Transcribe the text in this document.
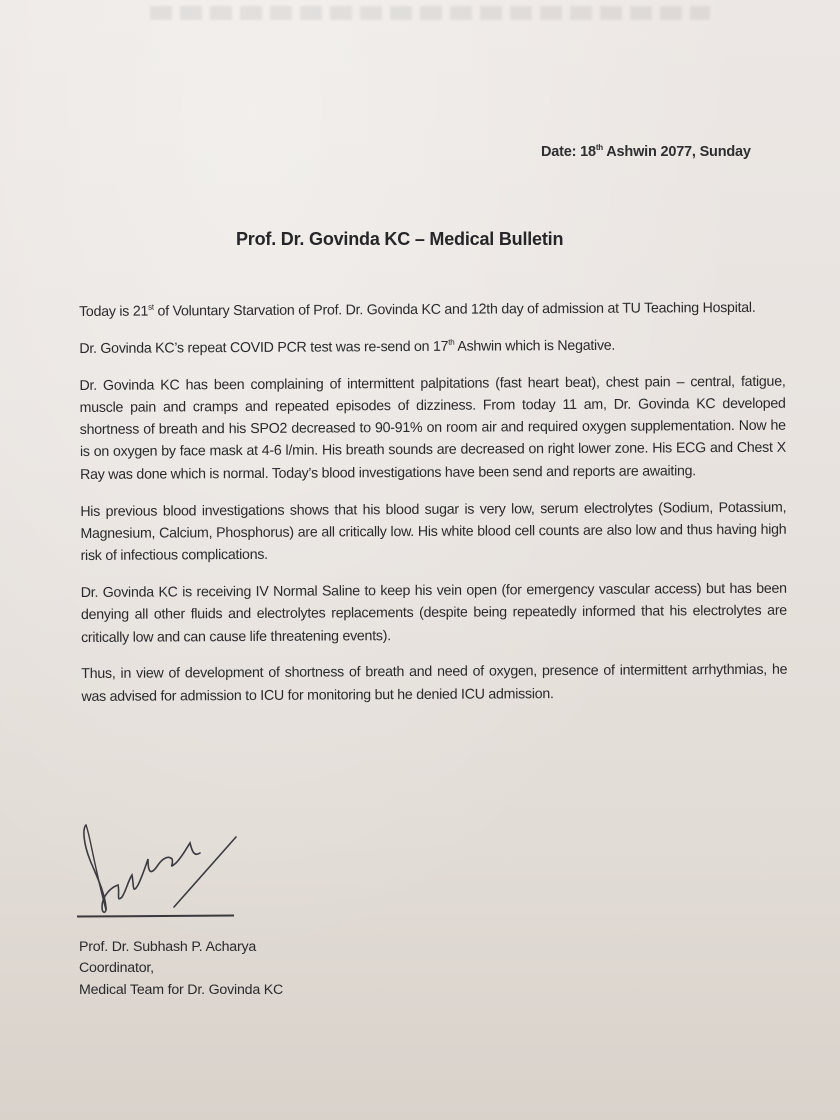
Date: 18th Ashwin 2077, Sunday
Prof. Dr. Govinda KC – Medical Bulletin

Today is 21st of Voluntary Starvation of Prof. Dr. Govinda KC and 12th day of admission at TU Teaching Hospital.

Dr. Govinda KC’s repeat COVID PCR test was re-send on 17th Ashwin which is Negative.

Dr. Govinda KC has been complaining of intermittent palpitations (fast heart beat), chest pain – central, fatigue, muscle pain and cramps and repeated episodes of dizziness. From today 11 am, Dr. Govinda KC developed shortness of breath and his SPO2 decreased to 90-91% on room air and required oxygen supplementation. Now he is on oxygen by face mask at 4-6 l/min. His breath sounds are decreased on right lower zone. His ECG and Chest X Ray was done which is normal. Today’s blood investigations have been send and reports are awaiting.

His previous blood investigations shows that his blood sugar is very low, serum electrolytes (Sodium, Potassium, Magnesium, Calcium, Phosphorus) are all critically low. His white blood cell counts are also low and thus having high risk of infectious complications.

Dr. Govinda KC is receiving IV Normal Saline to keep his vein open (for emergency vascular access) but has been denying all other fluids and electrolytes replacements (despite being repeatedly informed that his electrolytes are critically low and can cause life threatening events).

Thus, in view of development of shortness of breath and need of oxygen, presence of intermittent arrhythmias, he was advised for admission to ICU for monitoring but he denied ICU admission.

Prof. Dr. Subhash P. Acharya
Coordinator,
Medical Team for Dr. Govinda KC
